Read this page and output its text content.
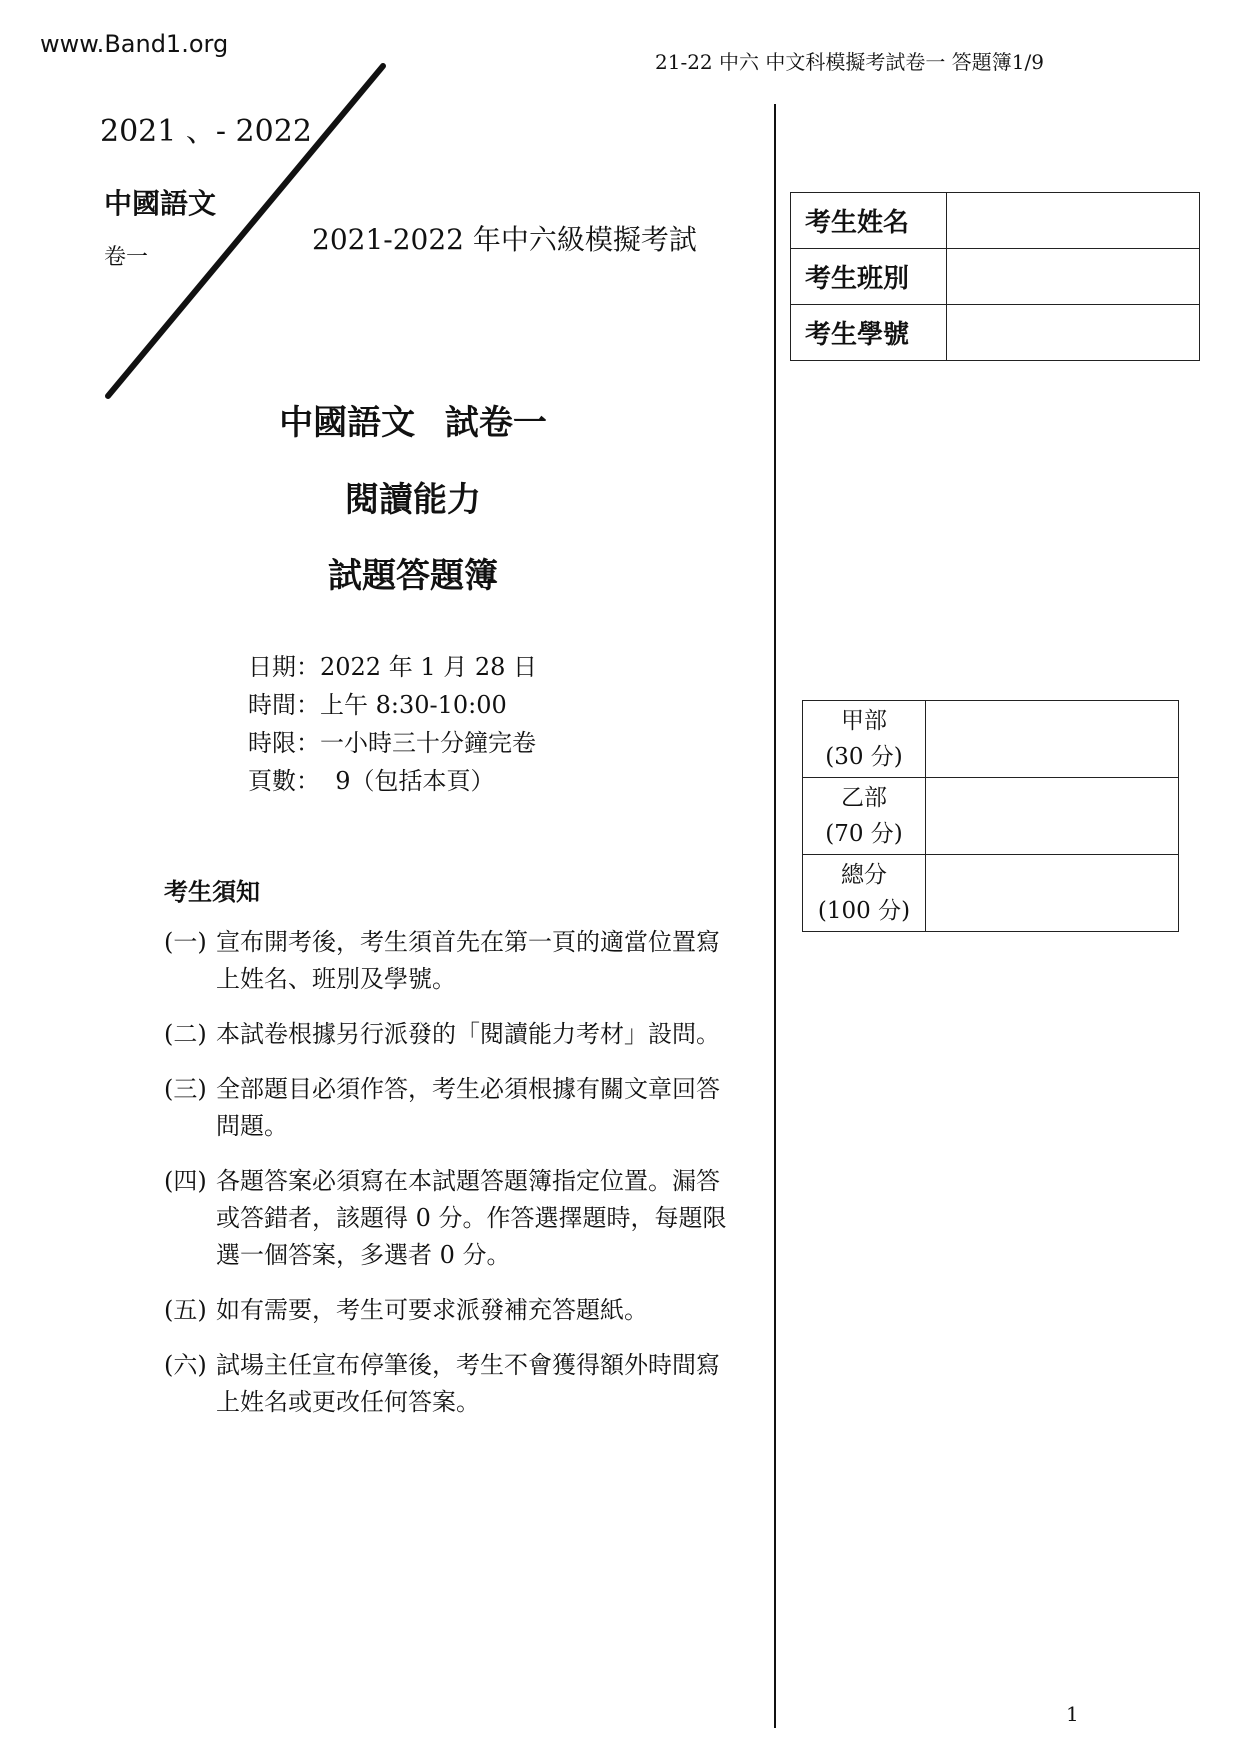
www.Band1.org
21-22 中六 中文科模擬考試卷一 答題簿1/9
2021 、- 2022
中國語文
卷一
2021-2022 年中六級模擬考試
中國語文 試卷一
閱讀能力
試題答題簿
日期：2022 年 1 月 28 日
時間：上午 8:30-10:00
時限：一小時三十分鐘完卷
頁數：  9（包括本頁）
考生須知
(一) 宣布開考後，考生須首先在第一頁的適當位置寫上姓名、班別及學號。
(二) 本試卷根據另行派發的「閱讀能力考材」設問。
(三) 全部題目必須作答，考生必須根據有關文章回答問題。
(四) 各題答案必須寫在本試題答題簿指定位置。漏答或答錯者，該題得 0 分。作答選擇題時，每題限選一個答案，多選者 0 分。
(五) 如有需要，考生可要求派發補充答題紙。
(六) 試場主任宣布停筆後，考生不會獲得額外時間寫上姓名或更改任何答案。
考生姓名	
考生班別	
考生學號	
甲部
(30 分)	

乙部
(70 分)	

總分
(100 分)	

1
